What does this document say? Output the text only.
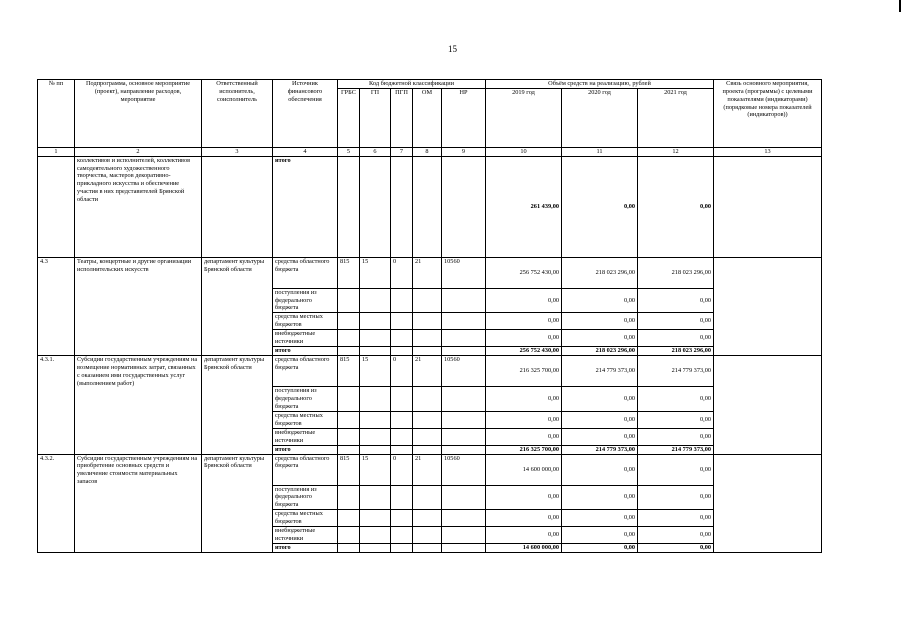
15
№ пп	Подпрограмма, основное мероприятие (проект), направление расходов, мероприятие	Ответственный исполнитель, соисполнитель	Источник финансового обеспечения	Код бюджетной классификации					Объём средств на реализацию, рублей			Связь основного мероприятия, проекта (программы) с целевыми показателями (индикаторами) (порядковые номера показателей (индикаторов))
				ГРБС	ГП	ПГП	ОМ	НР	2019 год	2020 год	2021 год	
1	2	3	4	5	6	7	8	9	10	11	12	13
	коллективов и исполнителей, коллективов самодеятельного художественного творчества, мастеров декоративно-прикладного искусства и обеспечение участия в них представителей Брянской области		итого						261 439,00	0,00	0,00	
4.3	Театры, концертные и другие организации исполнительских искусств	департамент культуры Брянской области	средства областного бюджета	815	15	0	21	10560	256 752 430,00	218 023 296,00	218 023 296,00	
			поступления из федерального бюджета						0,00	0,00	0,00	
			средства местных бюджетов						0,00	0,00	0,00	
			внебюджетные источники						0,00	0,00	0,00	
			итого						256 752 430,00	218 023 296,00	218 023 296,00	
4.3.1.	Субсидии государственным учреждениям на возмещение нормативных затрат, связанных с оказанием ими государственных услуг (выполнением работ)	департамент культуры Брянской области	средства областного бюджета	815	15	0	21	10560	216 325 700,00	214 779 373,00	214 779 373,00	
			поступления из федерального бюджета						0,00	0,00	0,00	
			средства местных бюджетов						0,00	0,00	0,00	
			внебюджетные источники						0,00	0,00	0,00	
			итого						216 325 700,00	214 779 373,00	214 779 373,00	
4.3.2.	Субсидии государственным учреждениям на приобретение основных средств и увеличение стоимости материальных запасов	департамент культуры Брянской области	средства областного бюджета	815	15	0	21	10560	14 600 000,00	0,00	0,00	
			поступления из федерального бюджета						0,00	0,00	0,00	
			средства местных бюджетов						0,00	0,00	0,00	
			внебюджетные источники						0,00	0,00	0,00	
			итого						14 600 000,00	0,00	0,00	
